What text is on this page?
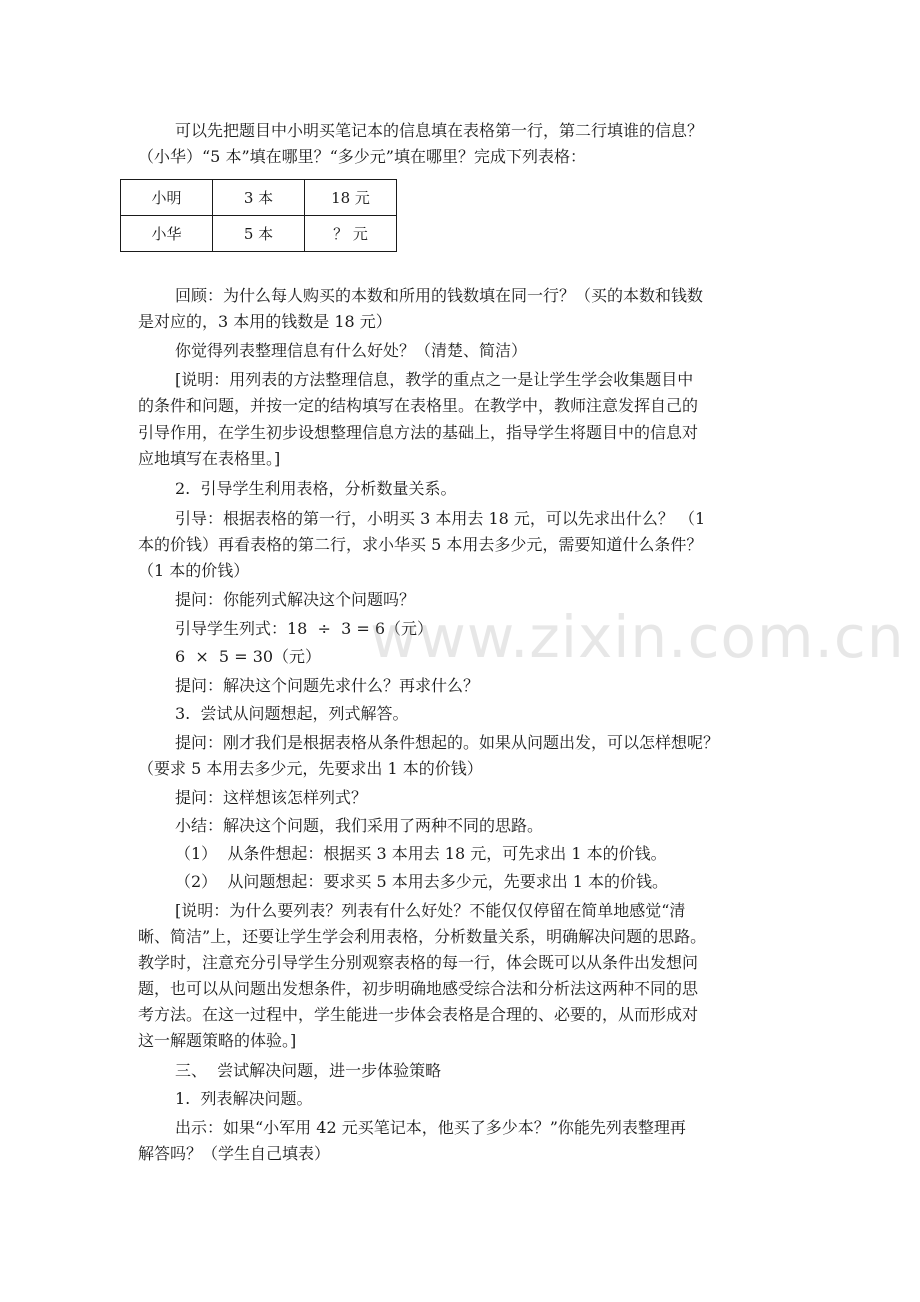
可以先把题目中小明买笔记本的信息填在表格第一行，第二行填谁的信息？
（小华）“5 本”填在哪里？“多少元”填在哪里？完成下列表格：
小明	3 本	18 元
小华	5 本	？ 元
回顾：为什么每人购买的本数和所用的钱数填在同一行？（买的本数和钱数
是对应的，3 本用的钱数是 18 元）
你觉得列表整理信息有什么好处？（清楚、简洁）
[说明：用列表的方法整理信息，教学的重点之一是让学生学会收集题目中
的条件和问题，并按一定的结构填写在表格里。在教学中，教师注意发挥自己的
引导作用，在学生初步设想整理信息方法的基础上，指导学生将题目中的信息对
应地填写在表格里。]
2.  引导学生利用表格，分析数量关系。
引导：根据表格的第一行，小明买 3 本用去 18 元，可以先求出什么？ （1
本的价钱）再看表格的第二行，求小华买 5 本用去多少元，需要知道什么条件？
（1 本的价钱）
提问：你能列式解决这个问题吗？
引导学生列式：18  ÷  3 = 6（元）
6  ×  5 = 30（元）
提问：解决这个问题先求什么？再求什么？
3.  尝试从问题想起，列式解答。
提问：刚才我们是根据表格从条件想起的。如果从问题出发，可以怎样想呢？
（要求 5 本用去多少元，先要求出 1 本的价钱）
提问：这样想该怎样列式？
小结：解决这个问题，我们采用了两种不同的思路。
（1）  从条件想起：根据买 3 本用去 18 元，可先求出 1 本的价钱。
（2）  从问题想起：要求买 5 本用去多少元，先要求出 1 本的价钱。
[说明：为什么要列表？列表有什么好处？不能仅仅停留在简单地感觉“清
晰、简洁”上，还要让学生学会利用表格，分析数量关系，明确解决问题的思路。
教学时，注意充分引导学生分别观察表格的每一行，体会既可以从条件出发想问
题，也可以从问题出发想条件，初步明确地感受综合法和分析法这两种不同的思
考方法。在这一过程中，学生能进一步体会表格是合理的、必要的，从而形成对
这一解题策略的体验。]
三、  尝试解决问题，进一步体验策略
1.  列表解决问题。
出示：如果“小军用 42 元买笔记本，他买了多少本？”你能先列表整理再
解答吗？（学生自己填表）
www.zixin.com.cn
